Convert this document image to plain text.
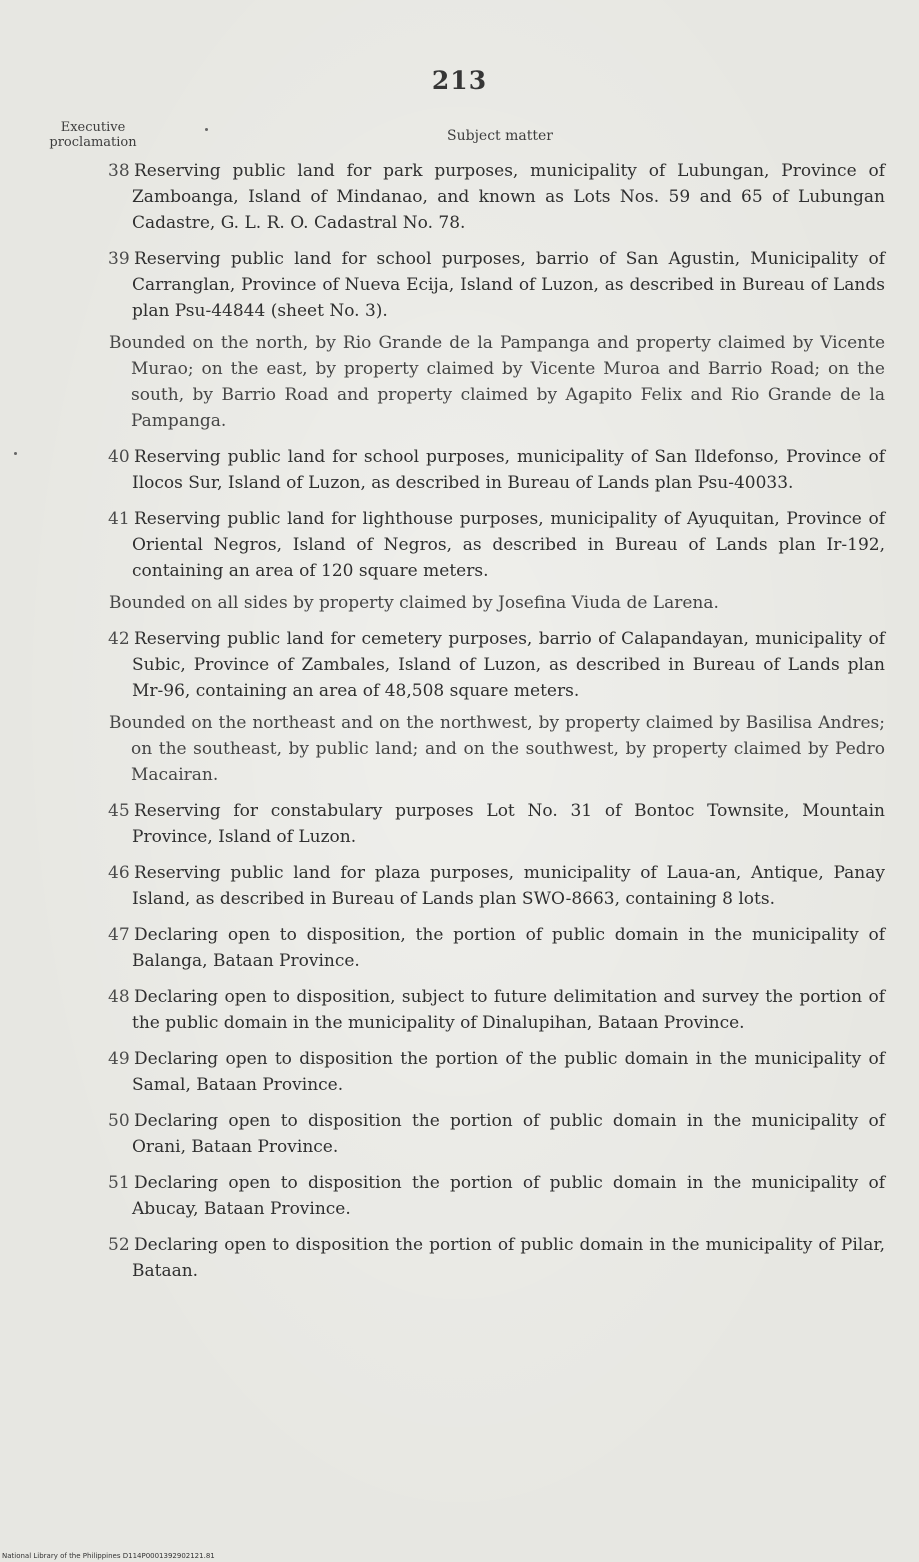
213
Executive
proclamation	Subject matter
38 Reserving public land for park purposes, municipality of Lubungan, Province of Zamboanga, Island of Mindanao, and known as Lots Nos. 59 and 65 of Lubungan Cadastre, G. L. R. O. Cadastral No. 78.
39 Reserving public land for school purposes, barrio of San Agustin, Municipality of Carranglan, Province of Nueva Ecija, Island of Luzon, as described in Bureau of Lands plan Psu-44844 (sheet No. 3).
Bounded on the north, by Rio Grande de la Pampanga and property claimed by Vicente Murao; on the east, by property claimed by Vicente Muroa and Barrio Road; on the south, by Barrio Road and property claimed by Agapito Felix and Rio Grande de la Pampanga.
40 Reserving public land for school purposes, municipality of San Ildefonso, Province of Ilocos Sur, Island of Luzon, as described in Bureau of Lands plan Psu-40033.
41 Reserving public land for lighthouse purposes, municipality of Ayuquitan, Province of Oriental Negros, Island of Negros, as described in Bureau of Lands plan Ir-192, containing an area of 120 square meters.
Bounded on all sides by property claimed by Josefina Viuda de Larena.
42 Reserving public land for cemetery purposes, barrio of Calapandayan, municipality of Subic, Province of Zambales, Island of Luzon, as described in Bureau of Lands plan Mr-96, containing an area of 48,508 square meters.
Bounded on the northeast and on the northwest, by property claimed by Basilisa Andres; on the southeast, by public land; and on the southwest, by property claimed by Pedro Macairan.
45 Reserving for constabulary purposes Lot No. 31 of Bontoc Townsite, Mountain Province, Island of Luzon.
46 Reserving public land for plaza purposes, municipality of Laua-an, Antique, Panay Island, as described in Bureau of Lands plan SWO-8663, containing 8 lots.
47 Declaring open to disposition, the portion of public domain in the municipality of Balanga, Bataan Province.
48 Declaring open to disposition, subject to future delimitation and survey the portion of the public domain in the municipality of Dinalupihan, Bataan Province.
49 Declaring open to disposition the portion of the public domain in the municipality of Samal, Bataan Province.
50 Declaring open to disposition the portion of public domain in the municipality of Orani, Bataan Province.
51 Declaring open to disposition the portion of public domain in the municipality of Abucay, Bataan Province.
52 Declaring open to disposition the portion of public domain in the municipality of Pilar, Bataan.
National Library of the Philippines D114P0001392902121.81
